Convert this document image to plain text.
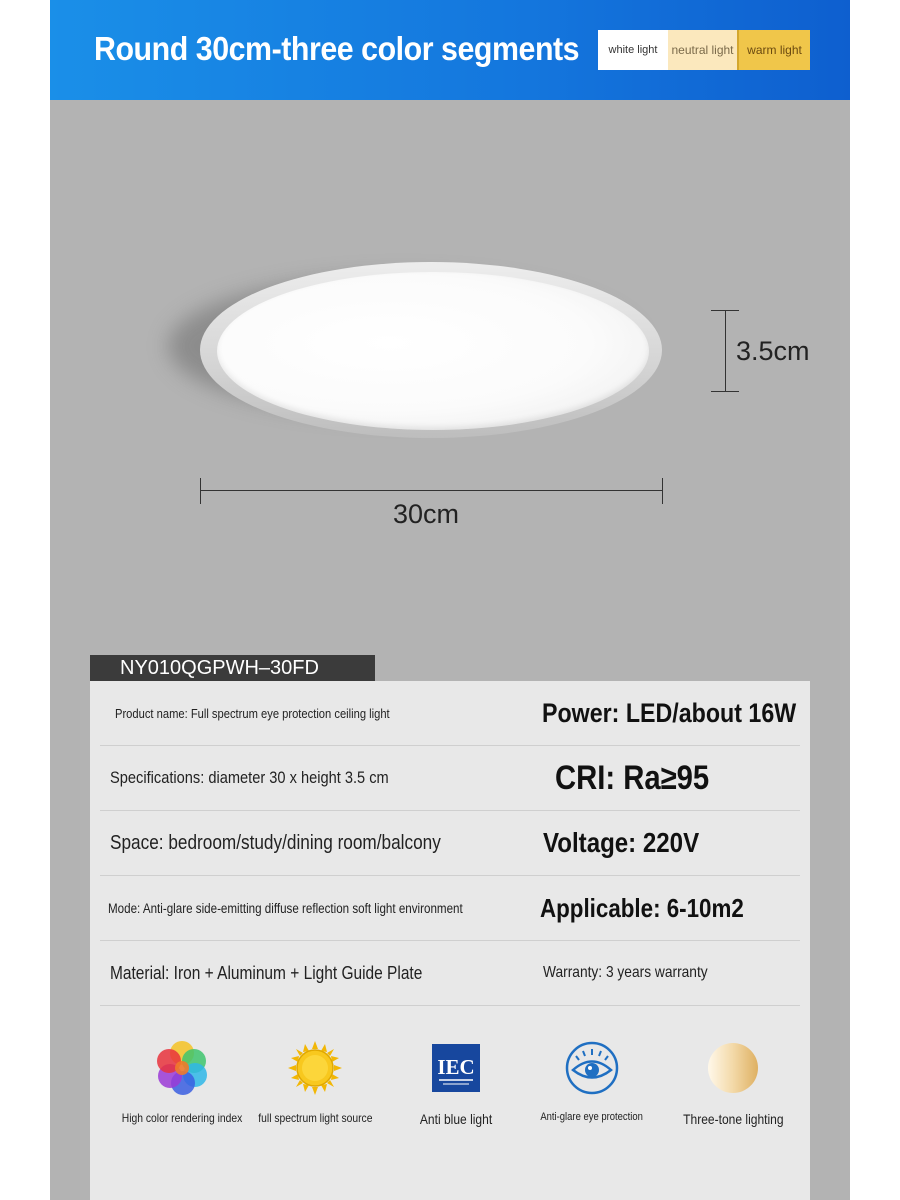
Round 30cm-three color segments	white light	neutral light	warm light
3.5cm
30cm
NY010QGPWH–30FD
Product name: Full spectrum eye protection ceiling light	Power: LED/about 16W
Specifications: diameter 30 x height 3.5 cm	CRI: Ra≥95
Space: bedroom/study/dining room/balcony	Voltage: 220V
Mode: Anti-glare side-emitting diffuse reflection soft light environment	Applicable: 6-10m2
Material: Iron + Aluminum + Light Guide Plate	Warranty: 3 years warranty
High color rendering index	full spectrum light source
IEC
Anti blue light	Anti-glare eye protection	Three-tone lighting
